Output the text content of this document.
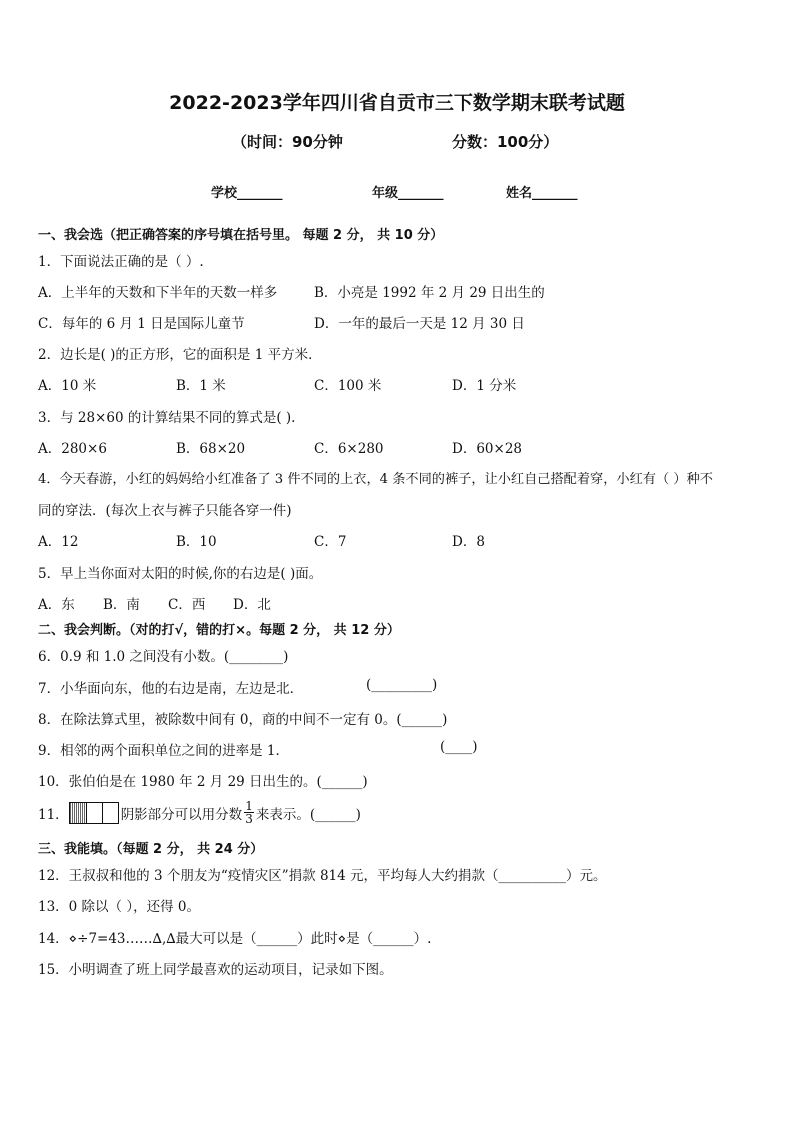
2022-2023学年四川省自贡市三下数学期末联考试题
（时间：90分钟	分数：100分）
学校_______	年级_______	姓名_______
一、我会选（把正确答案的序号填在括号里。 每题 2 分， 共 10 分）
1．下面说法正确的是（ ）.
A．上半年的天数和下半年的天数一样多	B．小亮是 1992 年 2 月 29 日出生的
C．每年的 6 月 1 日是国际儿童节	D．一年的最后一天是 12 月 30 日
2．边长是( )的正方形，它的面积是 1 平方米．
A．10 米	B．1 米	C．100 米	D．1 分米
3．与 28×60 的计算结果不同的算式是( ).
A．280×6	B．68×20	C．6×280	D．60×28
4．今天春游，小红的妈妈给小红准备了 3 件不同的上衣，4 条不同的裤子，让小红自己搭配着穿，小红有（ ）种不
同的穿法．(每次上衣与裤子只能各穿一件)
A．12	B．10	C．7	D．8
5．早上当你面对太阳的时候,你的右边是( )面。
A．东 B．南 C．西 D．北
二、我会判断。（对的打√，错的打×。每题 2 分， 共 12 分）
6．0.9 和 1.0 之间没有小数。(________)
7．小华面向东，他的右边是南，左边是北．	(_________)
8．在除法算式里，被除数中间有 0，商的中间不一定有 0。(______)
9．相邻的两个面积单位之间的进率是 1．	(____)
10．张伯伯是在 1980 年 2 月 29 日出生的。(______)
11．	阴影部分可以用分数 $\frac{1}{3}$ 来表示。(______)
三、我能填。（每题 2 分， 共 24 分）
12．王叔叔和他的 3 个朋友为“疫情灾区”捐款 814 元，平均每人大约捐款（__________）元。
13．0 除以（ ），还得 0。
14．⋄÷7=43……∆,∆最大可以是（______）此时⋄是（______）.
15．小明调查了班上同学最喜欢的运动项目，记录如下图。
